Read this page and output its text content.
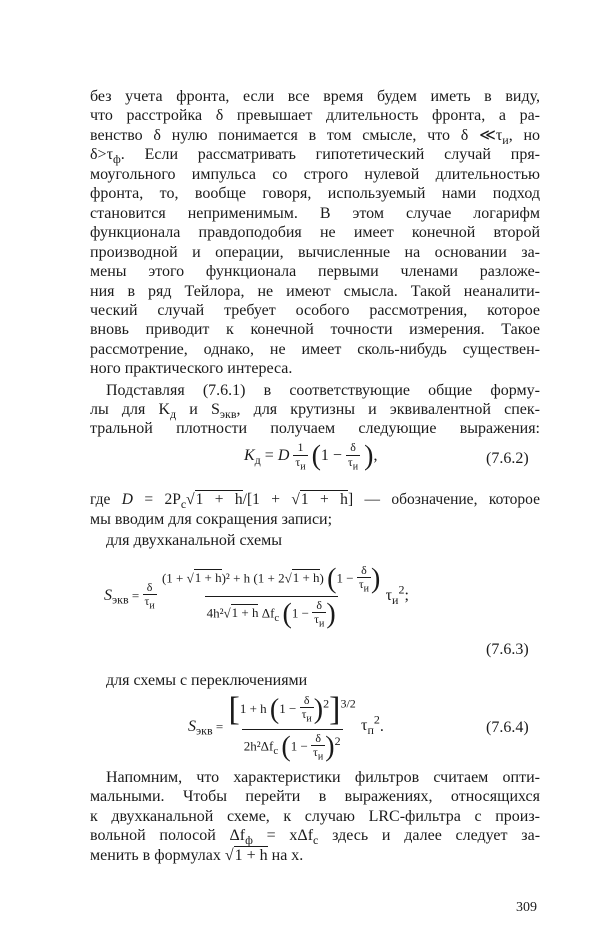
без учета фронта, если все время будем иметь в виду,
что расстройка δ превышает длительность фронта, а ра-
венство δ нулю понимается в том смысле, что δ $≪\tau_и$, но
$\delta>\tau_ф$. Если рассматривать гипотетический случай пря-
моугольного импульса со строго нулевой длительностью
фронта, то, вообще говоря, используемый нами подход
становится неприменимым. В этом случае логарифм
функционала правдоподобия не имеет конечной второй
производной и операции, вычисленные на основании за-
мены этого функционала первыми членами разложе-
ния в ряд Тейлора, не имеют смысла. Такой неаналити-
ческий случай требует особого рассмотрения, которое
вновь приводит к конечной точности измерения. Такое
рассмотрение, однако, не имеет сколь-нибудь существен-
ного практического интереса.
Подставляя (7.6.1) в соответствующие общие форму-
лы для $K_д$ и $S_{экв}$, для крутизны и эквивалентной спек-
тральной плотности получаем следующие выражения:
$K_д = D \frac{1}{\tau_и} (1 - \frac{\delta}{\tau_и}$ ),	(7.6.2)
где $D = 2P_c√1 + h/[1 + √1 + h]$ — обозначение, которое
мы вводим для сокращения записи;
для двухканальной схемы
$S_{экв} = \frac{\delta}{\tau_и}$
$\frac{(1 + √1 + h)^2 + h (1 + 2√1 + h) (1 - \frac{\delta}{\tau_и} )}{4h^2√1 + h \Delta f_c (1 - \frac{\delta}{\tau_и} )} \tau_и^2$;
(7.6.3)
для схемы с переключениями
$S_{экв} = \frac{[1 + h (1 - \frac{\delta}{\tau_и} )^2]^{3/2}}{2h^2\Delta f_c (1 - \frac{\delta}{\tau_и} )^2} \tau_п^2$.	(7.6.4)
Напомним, что характеристики фильтров считаем опти-
мальными. Чтобы перейти в выражениях, относящихся
к двухканальной схеме, к случаю LRC-фильтра с произ-
вольной полосой $\Delta f_ф = x\Delta f_c$ здесь и далее следует за-
менить в формулах √1 + h на x.
309
